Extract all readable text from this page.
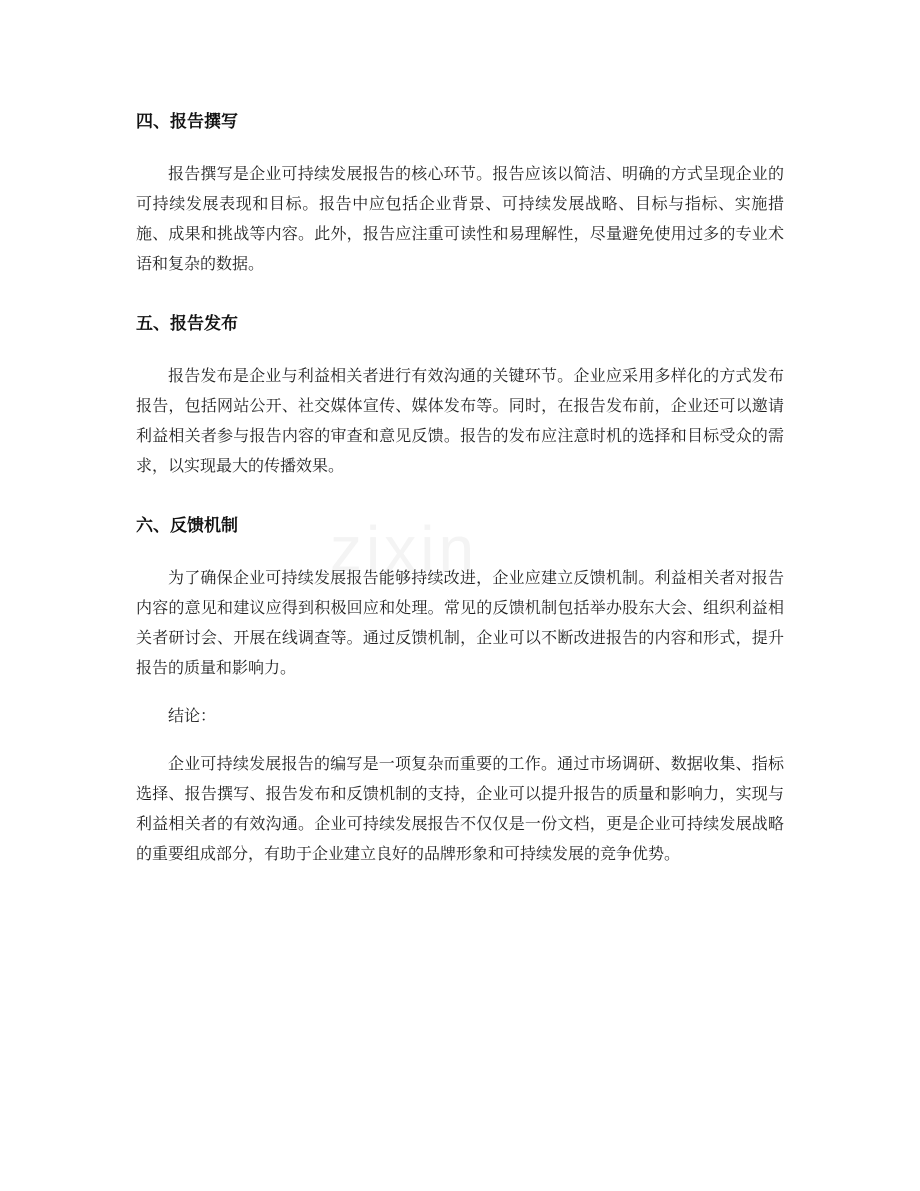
zixin
四、报告撰写

报告撰写是企业可持续发展报告的核心环节。报告应该以简洁、明确的方式呈现企业的可持续发展表现和目标。报告中应包括企业背景、可持续发展战略、目标与指标、实施措施、成果和挑战等内容。此外，报告应注重可读性和易理解性，尽量避免使用过多的专业术语和复杂的数据。

五、报告发布

报告发布是企业与利益相关者进行有效沟通的关键环节。企业应采用多样化的方式发布报告，包括网站公开、社交媒体宣传、媒体发布等。同时，在报告发布前，企业还可以邀请利益相关者参与报告内容的审查和意见反馈。报告的发布应注意时机的选择和目标受众的需求，以实现最大的传播效果。

六、反馈机制

为了确保企业可持续发展报告能够持续改进，企业应建立反馈机制。利益相关者对报告内容的意见和建议应得到积极回应和处理。常见的反馈机制包括举办股东大会、组织利益相关者研讨会、开展在线调查等。通过反馈机制，企业可以不断改进报告的内容和形式，提升报告的质量和影响力。

结论：

企业可持续发展报告的编写是一项复杂而重要的工作。通过市场调研、数据收集、指标选择、报告撰写、报告发布和反馈机制的支持，企业可以提升报告的质量和影响力，实现与利益相关者的有效沟通。企业可持续发展报告不仅仅是一份文档，更是企业可持续发展战略的重要组成部分，有助于企业建立良好的品牌形象和可持续发展的竞争优势。
